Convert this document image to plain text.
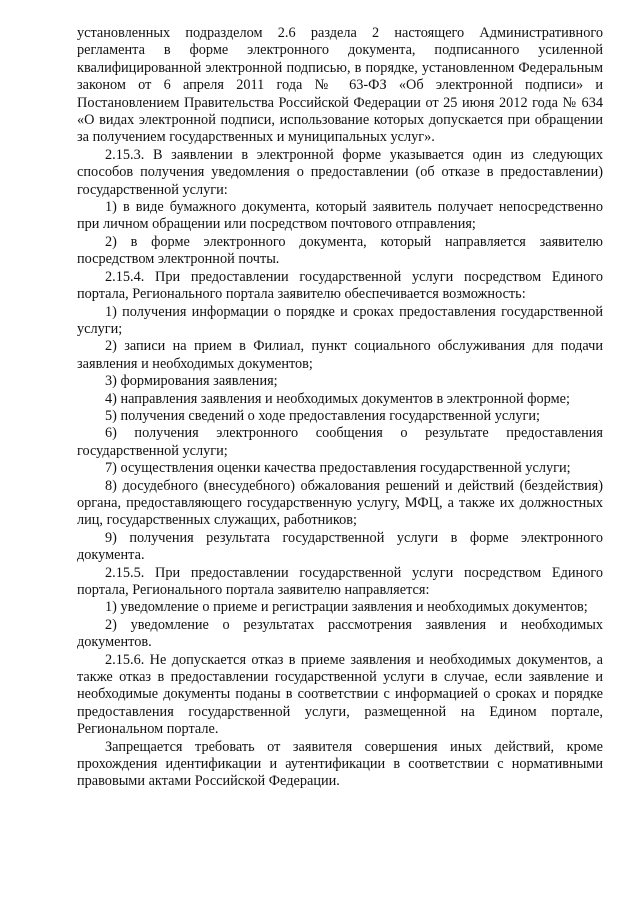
установленных подразделом 2.6 раздела 2 настоящего Административного регламента в форме электронного документа, подписанного усиленной квалифицированной электронной подписью, в порядке, установленном Федеральным законом от 6 апреля 2011 года № 63-ФЗ «Об электронной подписи» и Постановлением Правительства Российской Федерации от 25 июня 2012 года № 634 «О видах электронной подписи, использование которых допускается при обращении за получением государственных и муниципальных услуг».

2.15.3. В заявлении в электронной форме указывается один из следующих способов получения уведомления о предоставлении (об отказе в предоставлении) государственной услуги:

1) в виде бумажного документа, который заявитель получает непосредственно при личном обращении или посредством почтового отправления;

2) в форме электронного документа, который направляется заявителю посредством электронной почты.

2.15.4. При предоставлении государственной услуги посредством Единого портала, Регионального портала заявителю обеспечивается возможность:

1) получения информации о порядке и сроках предоставления государственной услуги;

2) записи на прием в Филиал, пункт социального обслуживания для подачи заявления и необходимых документов;

3) формирования заявления;

4) направления заявления и необходимых документов в электронной форме;

5) получения сведений о ходе предоставления государственной услуги;

6) получения электронного сообщения о результате предоставления государственной услуги;

7) осуществления оценки качества предоставления государственной услуги;

8) досудебного (внесудебного) обжалования решений и действий (бездействия) органа, предоставляющего государственную услугу, МФЦ, а также их должностных лиц, государственных служащих, работников;

9) получения результата государственной услуги в форме электронного документа.

2.15.5. При предоставлении государственной услуги посредством Единого портала, Регионального портала заявителю направляется:

1) уведомление о приеме и регистрации заявления и необходимых документов;

2) уведомление о результатах рассмотрения заявления и необходимых документов.

2.15.6. Не допускается отказ в приеме заявления и необходимых документов, а также отказ в предоставлении государственной услуги в случае, если заявление и необходимые документы поданы в соответствии с информацией о сроках и порядке предоставления государственной услуги, размещенной на Едином портале, Региональном портале.

Запрещается требовать от заявителя совершения иных действий, кроме прохождения идентификации и аутентификации в соответствии с нормативными правовыми актами Российской Федерации.
